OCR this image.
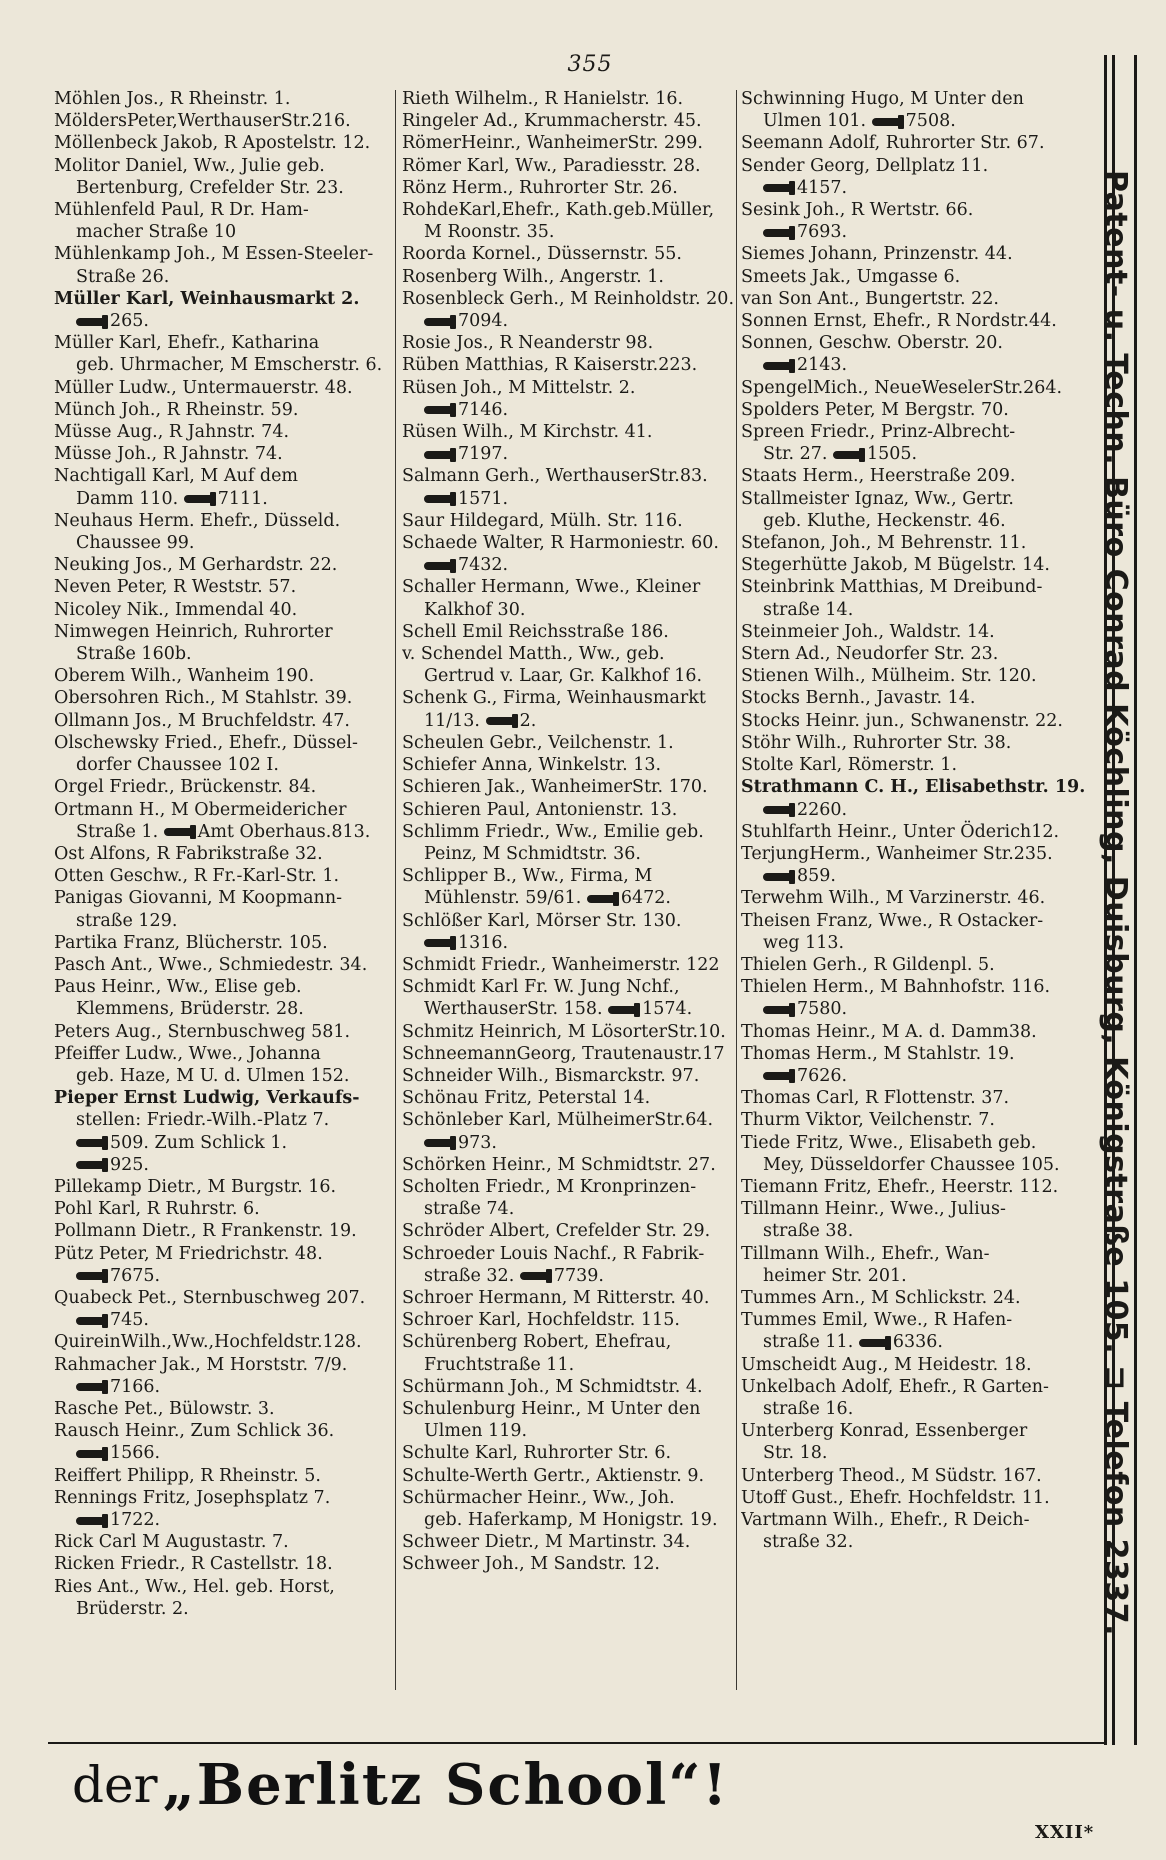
355
Möhlen Jos., R Rheinstr. 1.
MöldersPeter,WerthauserStr.216.
Möllenbeck Jakob, R Apostelstr. 12.
Molitor Daniel, Ww., Julie geb.
Bertenburg, Crefelder Str. 23.
Mühlenfeld Paul, R Dr. Ham-
macher Straße 10
Mühlenkamp Joh., M Essen-Steeler-
Straße 26.
Müller Karl, Weinhausmarkt 2.
265.
Müller Karl, Ehefr., Katharina
geb. Uhrmacher, M Emscherstr. 6.
Müller Ludw., Untermauerstr. 48.
Münch Joh., R Rheinstr. 59.
Müsse Aug., R Jahnstr. 74.
Müsse Joh., R Jahnstr. 74.
Nachtigall Karl, M Auf dem
Damm 110. 7111.
Neuhaus Herm. Ehefr., Düsseld.
Chaussee 99.
Neuking Jos., M Gerhardstr. 22.
Neven Peter, R Weststr. 57.
Nicoley Nik., Immendal 40.
Nimwegen Heinrich, Ruhrorter
Straße 160b.
Oberem Wilh., Wanheim 190.
Obersohren Rich., M Stahlstr. 39.
Ollmann Jos., M Bruchfeldstr. 47.
Olschewsky Fried., Ehefr., Düssel-
dorfer Chaussee 102 I.
Orgel Friedr., Brückenstr. 84.
Ortmann H., M Obermeidericher
Straße 1. Amt Oberhaus.813.
Ost Alfons, R Fabrikstraße 32.
Otten Geschw., R Fr.-Karl-Str. 1.
Panigas Giovanni, M Koopmann-
straße 129.
Partika Franz, Blücherstr. 105.
Pasch Ant., Wwe., Schmiedestr. 34.
Paus Heinr., Ww., Elise geb.
Klemmens, Brüderstr. 28.
Peters Aug., Sternbuschweg 581.
Pfeiffer Ludw., Wwe., Johanna
geb. Haze, M U. d. Ulmen 152.
Pieper Ernst Ludwig, Verkaufs-
stellen: Friedr.-Wilh.-Platz 7.
509. Zum Schlick 1.
925.
Pillekamp Dietr., M Burgstr. 16.
Pohl Karl, R Ruhrstr. 6.
Pollmann Dietr., R Frankenstr. 19.
Pütz Peter, M Friedrichstr. 48.
7675.
Quabeck Pet., Sternbuschweg 207.
745.
QuireinWilh.,Ww.,Hochfeldstr.128.
Rahmacher Jak., M Horststr. 7/9.
7166.
Rasche Pet., Bülowstr. 3.
Rausch Heinr., Zum Schlick 36.
1566.
Reiffert Philipp, R Rheinstr. 5.
Rennings Fritz, Josephsplatz 7.
1722.
Rick Carl M Augustastr. 7.
Ricken Friedr., R Castellstr. 18.
Ries Ant., Ww., Hel. geb. Horst,
Brüderstr. 2.
Rieth Wilhelm., R Hanielstr. 16.
Ringeler Ad., Krummacherstr. 45.
RömerHeinr., WanheimerStr. 299.
Römer Karl, Ww., Paradiesstr. 28.
Rönz Herm., Ruhrorter Str. 26.
RohdeKarl,Ehefr., Kath.geb.Müller,
M Roonstr. 35.
Roorda Kornel., Düssernstr. 55.
Rosenberg Wilh., Angerstr. 1.
Rosenbleck Gerh., M Reinholdstr. 20.
7094.
Rosie Jos., R Neanderstr 98.
Rüben Matthias, R Kaiserstr.223.
Rüsen Joh., M Mittelstr. 2.
7146.
Rüsen Wilh., M Kirchstr. 41.
7197.
Salmann Gerh., WerthauserStr.83.
1571.
Saur Hildegard, Mülh. Str. 116.
Schaede Walter, R Harmoniestr. 60.
7432.
Schaller Hermann, Wwe., Kleiner
Kalkhof 30.
Schell Emil Reichsstraße 186.
v. Schendel Matth., Ww., geb.
Gertrud v. Laar, Gr. Kalkhof 16.
Schenk G., Firma, Weinhausmarkt
11/13. 2.
Scheulen Gebr., Veilchenstr. 1.
Schiefer Anna, Winkelstr. 13.
Schieren Jak., WanheimerStr. 170.
Schieren Paul, Antonienstr. 13.
Schlimm Friedr., Ww., Emilie geb.
Peinz, M Schmidtstr. 36.
Schlipper B., Ww., Firma, M
Mühlenstr. 59/61. 6472.
Schlößer Karl, Mörser Str. 130.
1316.
Schmidt Friedr., Wanheimerstr. 122
Schmidt Karl Fr. W. Jung Nchf.,
WerthauserStr. 158. 1574.
Schmitz Heinrich, M LösorterStr.10.
SchneemannGeorg, Trautenaustr.17
Schneider Wilh., Bismarckstr. 97.
Schönau Fritz, Peterstal 14.
Schönleber Karl, MülheimerStr.64.
973.
Schörken Heinr., M Schmidtstr. 27.
Scholten Friedr., M Kronprinzen-
straße 74.
Schröder Albert, Crefelder Str. 29.
Schroeder Louis Nachf., R Fabrik-
straße 32. 7739.
Schroer Hermann, M Ritterstr. 40.
Schroer Karl, Hochfeldstr. 115.
Schürenberg Robert, Ehefrau,
Fruchtstraße 11.
Schürmann Joh., M Schmidtstr. 4.
Schulenburg Heinr., M Unter den
Ulmen 119.
Schulte Karl, Ruhrorter Str. 6.
Schulte-Werth Gertr., Aktienstr. 9.
Schürmacher Heinr., Ww., Joh.
geb. Haferkamp, M Honigstr. 19.
Schweer Dietr., M Martinstr. 34.
Schweer Joh., M Sandstr. 12.
Schwinning Hugo, M Unter den
Ulmen 101. 7508.
Seemann Adolf, Ruhrorter Str. 67.
Sender Georg, Dellplatz 11.
4157.
Sesink Joh., R Wertstr. 66.
7693.
Siemes Johann, Prinzenstr. 44.
Smeets Jak., Umgasse 6.
van Son Ant., Bungertstr. 22.
Sonnen Ernst, Ehefr., R Nordstr.44.
Sonnen, Geschw. Oberstr. 20.
2143.
SpengelMich., NeueWeselerStr.264.
Spolders Peter, M Bergstr. 70.
Spreen Friedr., Prinz-Albrecht-
Str. 27. 1505.
Staats Herm., Heerstraße 209.
Stallmeister Ignaz, Ww., Gertr.
geb. Kluthe, Heckenstr. 46.
Stefanon, Joh., M Behrenstr. 11.
Stegerhütte Jakob, M Bügelstr. 14.
Steinbrink Matthias, M Dreibund-
straße 14.
Steinmeier Joh., Waldstr. 14.
Stern Ad., Neudorfer Str. 23.
Stienen Wilh., Mülheim. Str. 120.
Stocks Bernh., Javastr. 14.
Stocks Heinr. jun., Schwanenstr. 22.
Stöhr Wilh., Ruhrorter Str. 38.
Stolte Karl, Römerstr. 1.
Strathmann C. H., Elisabethstr. 19.
2260.
Stuhlfarth Heinr., Unter Öderich12.
TerjungHerm., Wanheimer Str.235.
859.
Terwehm Wilh., M Varzinerstr. 46.
Theisen Franz, Wwe., R Ostacker-
weg 113.
Thielen Gerh., R Gildenpl. 5.
Thielen Herm., M Bahnhofstr. 116.
7580.
Thomas Heinr., M A. d. Damm38.
Thomas Herm., M Stahlstr. 19.
7626.
Thomas Carl, R Flottenstr. 37.
Thurm Viktor, Veilchenstr. 7.
Tiede Fritz, Wwe., Elisabeth geb.
Mey, Düsseldorfer Chaussee 105.
Tiemann Fritz, Ehefr., Heerstr. 112.
Tillmann Heinr., Wwe., Julius-
straße 38.
Tillmann Wilh., Ehefr., Wan-
heimer Str. 201.
Tummes Arn., M Schlickstr. 24.
Tummes Emil, Wwe., R Hafen-
straße 11. 6336.
Umscheidt Aug., M Heidestr. 18.
Unkelbach Adolf, Ehefr., R Garten-
straße 16.
Unterberg Konrad, Essenberger
Str. 18.
Unterberg Theod., M Südstr. 167.
Utoff Gust., Ehefr. Hochfeldstr. 11.
Vartmann Wilh., Ehefr., R Deich-
straße 32.	Patent- u. Techn. Büro Conrad Köchling, Duisburg, Königstraße 105. ⊐ Telefon 2337.
der „Berlitz School“!
XXII*
